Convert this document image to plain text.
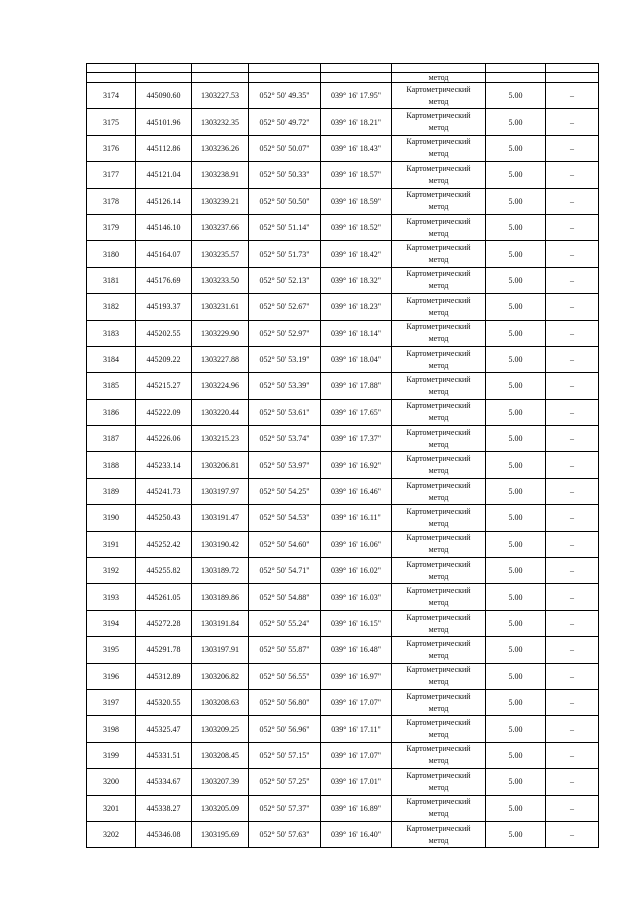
					метод		
3174	445090.60	1303227.53	052° 50' 49.35"	039° 16' 17.95"	Картометрический
метод	5.00	–
3175	445101.96	1303232.35	052° 50' 49.72"	039° 16' 18.21"	Картометрический
метод	5.00	–
3176	445112.86	1303236.26	052° 50' 50.07"	039° 16' 18.43"	Картометрический
метод	5.00	–
3177	445121.04	1303238.91	052° 50' 50.33"	039° 16' 18.57"	Картометрический
метод	5.00	–
3178	445126.14	1303239.21	052° 50' 50.50"	039° 16' 18.59"	Картометрический
метод	5.00	–
3179	445146.10	1303237.66	052° 50' 51.14"	039° 16' 18.52"	Картометрический
метод	5.00	–
3180	445164.07	1303235.57	052° 50' 51.73"	039° 16' 18.42"	Картометрический
метод	5.00	–
3181	445176.69	1303233.50	052° 50' 52.13"	039° 16' 18.32"	Картометрический
метод	5.00	–
3182	445193.37	1303231.61	052° 50' 52.67"	039° 16' 18.23"	Картометрический
метод	5.00	–
3183	445202.55	1303229.90	052° 50' 52.97"	039° 16' 18.14"	Картометрический
метод	5.00	–
3184	445209.22	1303227.88	052° 50' 53.19"	039° 16' 18.04"	Картометрический
метод	5.00	–
3185	445215.27	1303224.96	052° 50' 53.39"	039° 16' 17.88"	Картометрический
метод	5.00	–
3186	445222.09	1303220.44	052° 50' 53.61"	039° 16' 17.65"	Картометрический
метод	5.00	–
3187	445226.06	1303215.23	052° 50' 53.74"	039° 16' 17.37"	Картометрический
метод	5.00	–
3188	445233.14	1303206.81	052° 50' 53.97"	039° 16' 16.92"	Картометрический
метод	5.00	–
3189	445241.73	1303197.97	052° 50' 54.25"	039° 16' 16.46"	Картометрический
метод	5.00	–
3190	445250.43	1303191.47	052° 50' 54.53"	039° 16' 16.11"	Картометрический
метод	5.00	–
3191	445252.42	1303190.42	052° 50' 54.60"	039° 16' 16.06"	Картометрический
метод	5.00	–
3192	445255.82	1303189.72	052° 50' 54.71"	039° 16' 16.02"	Картометрический
метод	5.00	–
3193	445261.05	1303189.86	052° 50' 54.88"	039° 16' 16.03"	Картометрический
метод	5.00	–
3194	445272.28	1303191.84	052° 50' 55.24"	039° 16' 16.15"	Картометрический
метод	5.00	–
3195	445291.78	1303197.91	052° 50' 55.87"	039° 16' 16.48"	Картометрический
метод	5.00	–
3196	445312.89	1303206.82	052° 50' 56.55"	039° 16' 16.97"	Картометрический
метод	5.00	–
3197	445320.55	1303208.63	052° 50' 56.80"	039° 16' 17.07"	Картометрический
метод	5.00	–
3198	445325.47	1303209.25	052° 50' 56.96"	039° 16' 17.11"	Картометрический
метод	5.00	–
3199	445331.51	1303208.45	052° 50' 57.15"	039° 16' 17.07"	Картометрический
метод	5.00	–
3200	445334.67	1303207.39	052° 50' 57.25"	039° 16' 17.01"	Картометрический
метод	5.00	–
3201	445338.27	1303205.09	052° 50' 57.37"	039° 16' 16.89"	Картометрический
метод	5.00	–
3202	445346.08	1303195.69	052° 50' 57.63"	039° 16' 16.40"	Картометрический
метод	5.00	–
